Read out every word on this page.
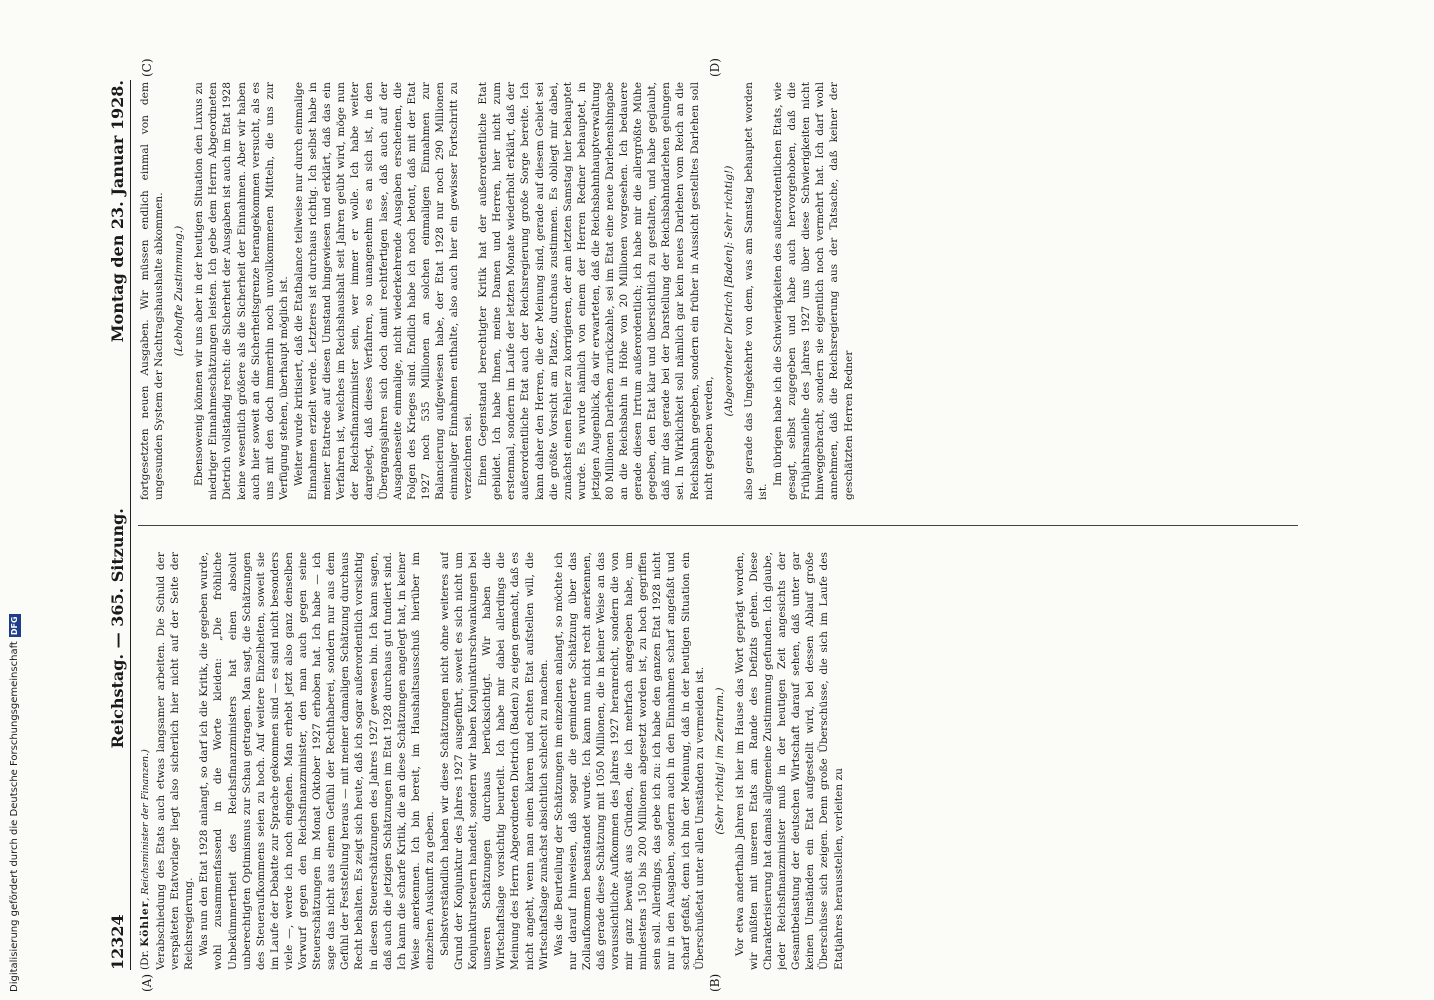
12324
Reichstag. — 365. Sitzung.
Montag den 23. Januar 1928.
(A)	(B)
(C)	(D)

(Dr. Köhler, Reichsminister der Finanzen.) Verabschiedung des Etats auch etwas langsamer arbeiten. Die Schuld der verspäteten Etatvorlage liegt also sicherlich hier nicht auf der Seite der Reichsregierung. Was nun den Etat 1928 anlangt, so darf ich die Kritik, die gegeben wurde, wohl zusammenfassend in die Worte kleiden: „Die fröhliche Unbekümmertheit des Reichsfinanzministers hat einen absolut unberechtigten Optimismus zur Schau getragen. Man sagt, die Schätzungen des Steueraufkommens seien zu hoch. Auf weitere Einzelheiten, soweit sie im Laufe der Debatte zur Sprache gekommen sind — es sind nicht besonders viele —, werde ich noch eingehen. Man erhebt jetzt also ganz denselben Vorwurf gegen den Reichsfinanzminister, den man auch gegen seine Steuerschätzungen im Monat Oktober 1927 erhoben hat. Ich habe — ich sage das nicht aus einem Gefühl der Rechthaberei, sondern nur aus dem Gefühl der Feststellung heraus — mit meiner damaligen Schätzung durchaus Recht behalten. Es zeigt sich heute, daß ich sogar außerordentlich vorsichtig in diesen Steuerschätzungen des Jahres 1927 gewesen bin. Ich kann sagen, daß auch die jetzigen Schätzungen im Etat 1928 durchaus gut fundiert sind. Ich kann die scharfe Kritik, die an diese Schätzungen angelegt hat, in keiner Weise anerkennen. Ich bin bereit, im Haushaltsausschuß hierüber im einzelnen Auskunft zu geben. Selbstverständlich haben wir diese Schätzungen nicht ohne weiteres auf Grund der Konjunktur des Jahres 1927 ausgeführt, soweit es sich nicht um Konjunktursteuern handelt, sondern wir haben Konjunkturschwankungen bei unseren Schätzungen durchaus berücksichtigt. Wir haben die Wirtschaftslage vorsichtig beurteilt. Ich habe mir dabei allerdings die Meinung des Herrn Abgeordneten Dietrich (Baden) zu eigen gemacht, daß es nicht angeht, wenn man einen klaren und echten Etat aufstellen will, die Wirtschaftslage zunächst absichtlich schlecht zu machen. Was die Beurteilung der Schätzungen im einzelnen anlangt, so möchte ich nur darauf hinweisen, daß sogar die geminderte Schätzung über das Zollaufkommen beanstandet wurde. Ich kann nun nicht recht anerkennen, daß gerade diese Schätzung mit 1050 Millionen, die in keiner Weise an das voraussichtliche Aufkommen des Jahres 1927 heranreicht, sondern die von mir ganz bewußt aus Gründen, die ich mehrfach angegeben habe, um mindestens 150 bis 200 Millionen abgesetzt worden ist, zu hoch gegriffen sein soll. Allerdings, das gebe ich zu: ich habe den ganzen Etat 1928 nicht nur in den Ausgaben, sondern auch in den Einnahmen scharf angefaßt und scharf gefaßt, denn ich bin der Meinung, daß in der heutigen Situation ein Überschußetat unter allen Umständen zu vermeiden ist. (Sehr richtig! im Zentrum.) Vor etwa anderthalb Jahren ist hier im Hause das Wort geprägt worden, wir müßten mit unseren Etats am Rande des Defizits gehen. Diese Charakterisierung hat damals allgemeine Zustimmung gefunden. Ich glaube, jeder Reichsfinanzminister muß in der heutigen Zeit angesichts der Gesamtbelastung der deutschen Wirtschaft darauf sehen, daß unter gar keinen Umständen ein Etat aufgestellt wird, bei dessen Ablauf große Überschüsse sich zeigen. Denn große Überschüsse, die sich im Laufe des Etatjahres herausstellen, verleiten zu

fortgesetzten neuen Ausgaben. Wir müssen endlich einmal von dem ungesunden System der Nachtragshaushalte abkommen. (Lebhafte Zustimmung.) Ebensowenig können wir uns aber in der heutigen Situation den Luxus zu niedriger Einnahmeschätzungen leisten. Ich gebe dem Herrn Abgeordneten Dietrich vollständig recht: die Sicherheit der Ausgaben ist auch im Etat 1928 keine wesentlich größere als die Sicherheit der Einnahmen. Aber wir haben auch hier soweit an die Sicherheitsgrenze herangekommen versucht, als es uns mit den doch immerhin noch unvollkommenen Mitteln, die uns zur Verfügung stehen, überhaupt möglich ist. Weiter wurde kritisiert, daß die Etatbalance teilweise nur durch einmalige Einnahmen erzielt werde. Letzteres ist durchaus richtig. Ich selbst habe in meiner Etatrede auf diesen Umstand hingewiesen und erklärt, daß das ein Verfahren ist, welches im Reichshaushalt seit Jahren geübt wird, möge nun der Reichsfinanzminister sein, wer immer er wolle. Ich habe weiter dargelegt, daß dieses Verfahren, so unangenehm es an sich ist, in den Übergangsjahren sich doch damit rechtfertigen lasse, daß auch auf der Ausgabenseite einmalige, nicht wiederkehrende Ausgaben erscheinen, die Folgen des Krieges sind. Endlich habe ich noch betont, daß mit der Etat 1927 noch 535 Millionen an solchen einmaligen Einnahmen zur Balancierung aufgewiesen habe, der Etat 1928 nur noch 290 Millionen einmaliger Einnahmen enthalte, also auch hier ein gewisser Fortschritt zu verzeichnen sei. Einen Gegenstand berechtigter Kritik hat der außerordentliche Etat gebildet. Ich habe Ihnen, meine Damen und Herren, hier nicht zum erstenmal, sondern im Laufe der letzten Monate wiederholt erklärt, daß der außerordentliche Etat auch der Reichsregierung große Sorge bereite. Ich kann daher den Herren, die der Meinung sind, gerade auf diesem Gebiet sei die größte Vorsicht am Platze, durchaus zustimmen. Es obliegt mir dabei, zunächst einen Fehler zu korrigieren, der am letzten Samstag hier behauptet wurde. Es wurde nämlich von einem der Herren Redner behauptet, in jetzigen Augenblick, da wir erwarteten, daß die Reichsbahnhauptverwaltung 80 Millionen Darlehen zurückzahle, sei im Etat eine neue Darlehenshingabe an die Reichsbahn in Höhe von 20 Millionen vorgesehen. Ich bedauere gerade diesen Irrtum außerordentlich; ich habe mir die allergrößte Mühe gegeben, den Etat klar und übersichtlich zu gestalten, und habe geglaubt, daß mir das gerade bei der Darstellung der Reichsbahndarlehen gelungen sei. In Wirklichkeit soll nämlich gar kein neues Darlehen vom Reich an die Reichsbahn gegeben, sondern ein früher in Aussicht gestelltes Darlehen soll nicht gegeben werden,

(Abgeordneter Dietrich [Baden]: Sehr richtig!) also gerade das Umgekehrte von dem, was am Samstag behauptet worden ist.

Im übrigen habe ich die Schwierigkeiten des außerordentlichen Etats, wie gesagt, selbst zugegeben und habe auch hervorgehoben, daß die Frühjahrsanleihe des Jahres 1927 uns über diese Schwierigkeiten nicht hinweggebracht, sondern sie eigentlich noch vermehrt hat. Ich darf wohl annehmen, daß die Reichsregierung aus der Tatsache, daß keiner der geschätzten Herren Redner

Digitalisierung gefördert durch die Deutsche Forschungsgemeinschaft
DFG
